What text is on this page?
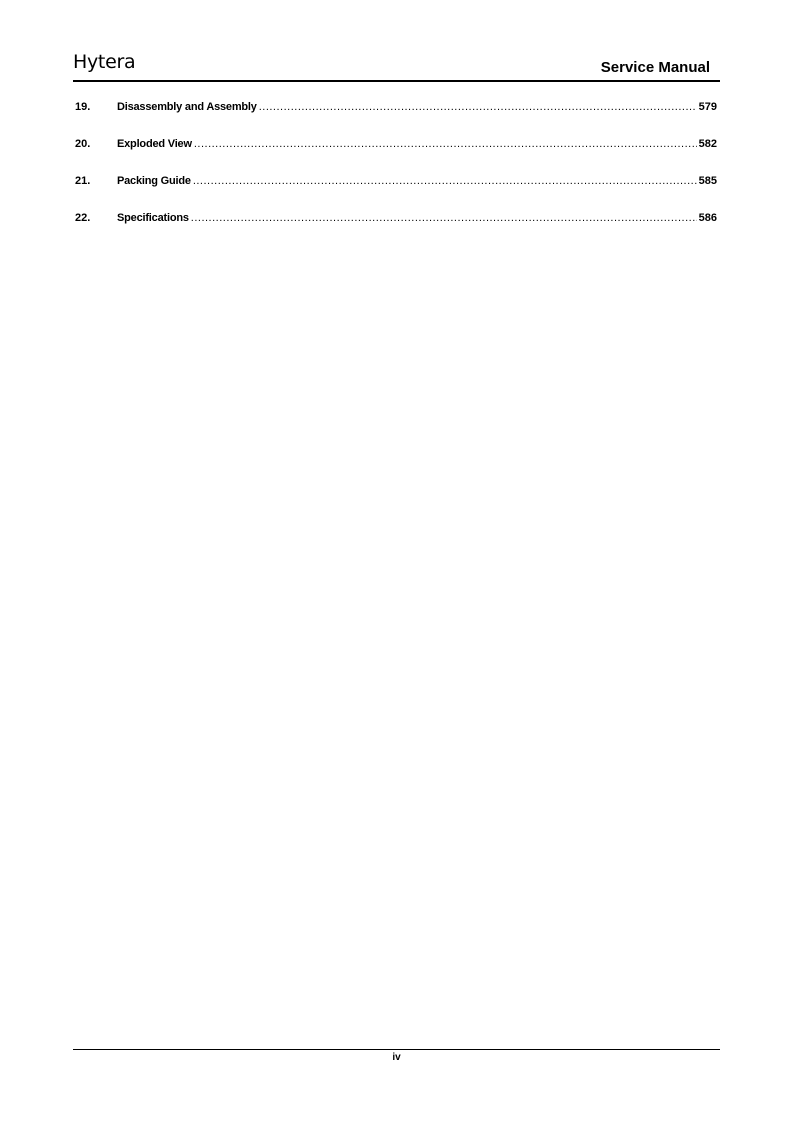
Hytera	Service Manual
19.	Disassembly and Assembly .....	579
20.	Exploded View .....	582
21.	Packing Guide .....	585
22.	Specifications .....	586
iv
